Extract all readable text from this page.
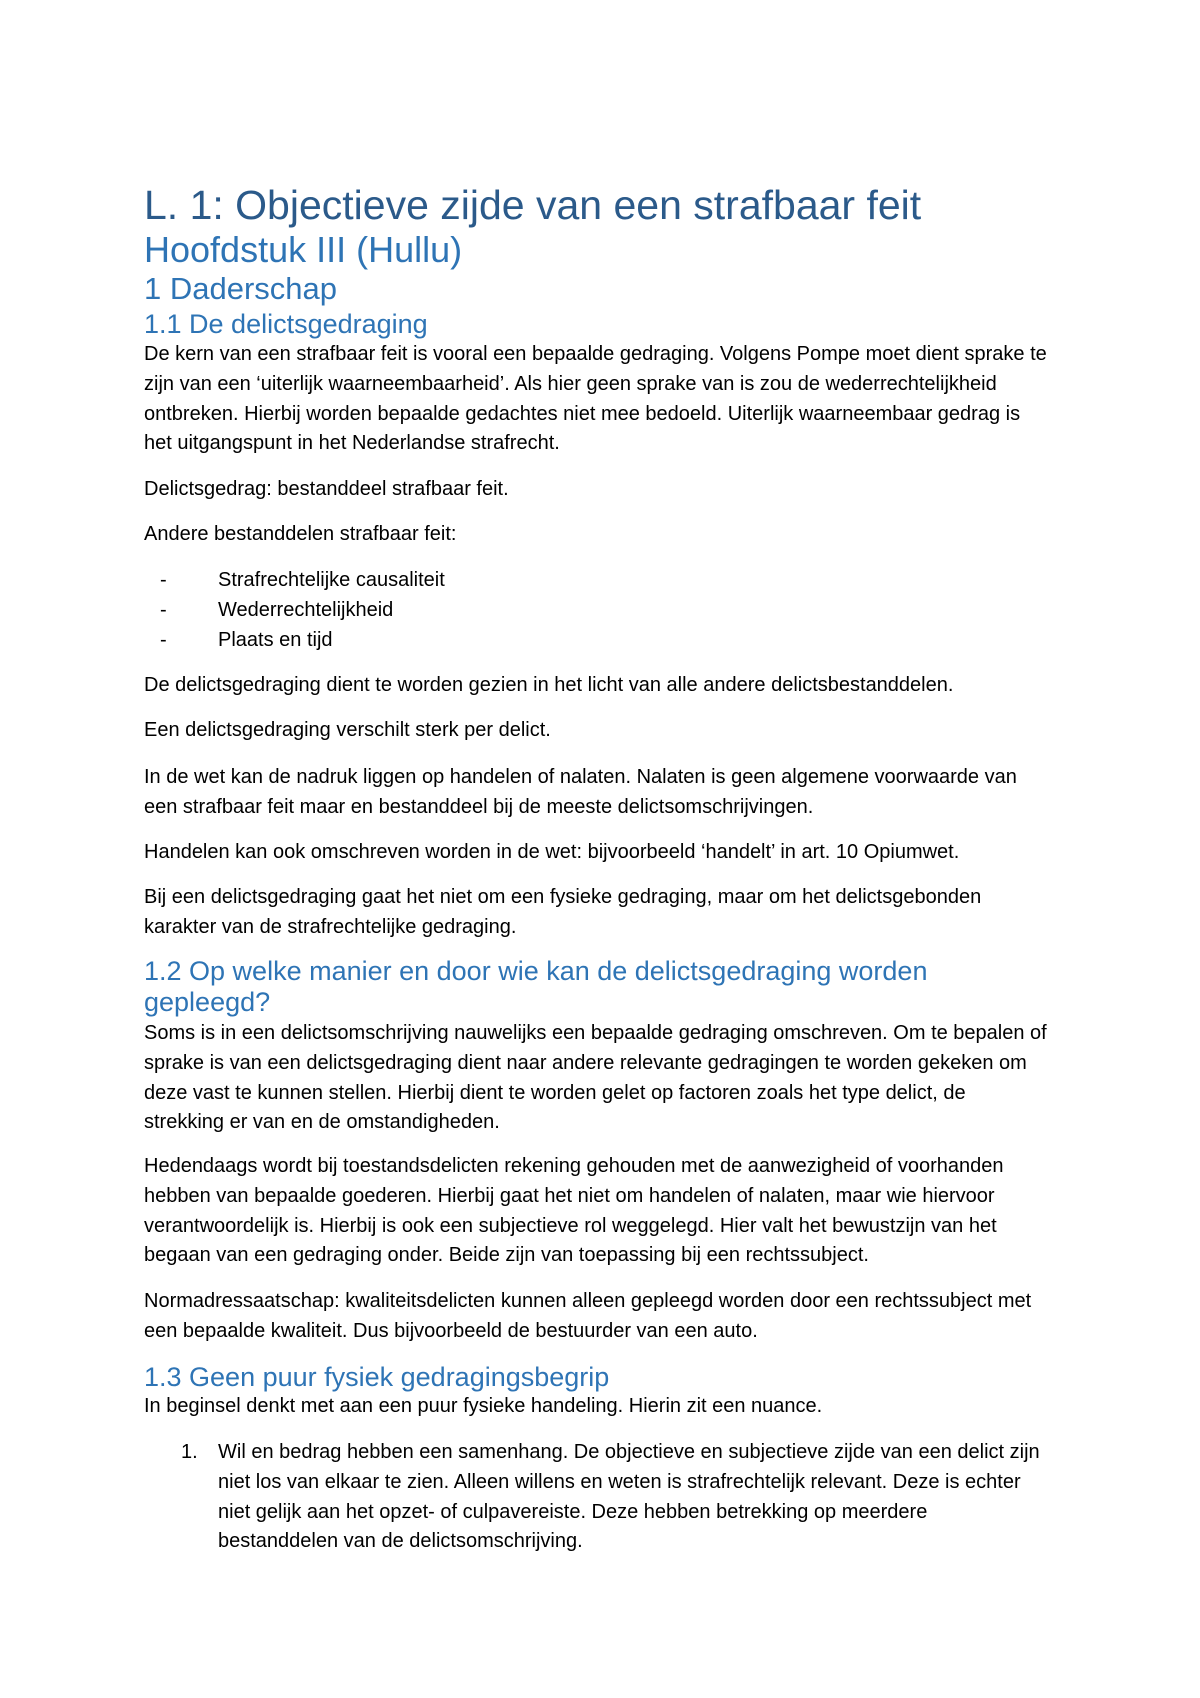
L. 1: Objectieve zijde van een strafbaar feit
Hoofdstuk III (Hullu)
1 Daderschap
1.1 De delictsgedraging
De kern van een strafbaar feit is vooral een bepaalde gedraging. Volgens Pompe moet dient sprake te
zijn van een ‘uiterlijk waarneembaarheid’. Als hier geen sprake van is zou de wederrechtelijkheid
ontbreken. Hierbij worden bepaalde gedachtes niet mee bedoeld. Uiterlijk waarneembaar gedrag is
het uitgangspunt in het Nederlandse strafrecht.
Delictsgedrag: bestanddeel strafbaar feit.
Andere bestanddelen strafbaar feit:
-	Strafrechtelijke causaliteit
-	Wederrechtelijkheid
-	Plaats en tijd
De delictsgedraging dient te worden gezien in het licht van alle andere delictsbestanddelen.
Een delictsgedraging verschilt sterk per delict.
In de wet kan de nadruk liggen op handelen of nalaten. Nalaten is geen algemene voorwaarde van
een strafbaar feit maar en bestanddeel bij de meeste delictsomschrijvingen.
Handelen kan ook omschreven worden in de wet: bijvoorbeeld ‘handelt’ in art. 10 Opiumwet.
Bij een delictsgedraging gaat het niet om een fysieke gedraging, maar om het delictsgebonden
karakter van de strafrechtelijke gedraging.
1.2 Op welke manier en door wie kan de delictsgedraging worden
gepleegd?
Soms is in een delictsomschrijving nauwelijks een bepaalde gedraging omschreven. Om te bepalen of
sprake is van een delictsgedraging dient naar andere relevante gedragingen te worden gekeken om
deze vast te kunnen stellen. Hierbij dient te worden gelet op factoren zoals het type delict, de
strekking er van en de omstandigheden.
Hedendaags wordt bij toestandsdelicten rekening gehouden met de aanwezigheid of voorhanden
hebben van bepaalde goederen. Hierbij gaat het niet om handelen of nalaten, maar wie hiervoor
verantwoordelijk is. Hierbij is ook een subjectieve rol weggelegd. Hier valt het bewustzijn van het
begaan van een gedraging onder. Beide zijn van toepassing bij een rechtssubject.
Normadressaatschap: kwaliteitsdelicten kunnen alleen gepleegd worden door een rechtssubject met
een bepaalde kwaliteit. Dus bijvoorbeeld de bestuurder van een auto.
1.3 Geen puur fysiek gedragingsbegrip
In beginsel denkt met aan een puur fysieke handeling. Hierin zit een nuance.
1. Wil en bedrag hebben een samenhang. De objectieve en subjectieve zijde van een delict zijn
niet los van elkaar te zien. Alleen willens en weten is strafrechtelijk relevant. Deze is echter
niet gelijk aan het opzet- of culpavereiste. Deze hebben betrekking op meerdere
bestanddelen van de delictsomschrijving.
